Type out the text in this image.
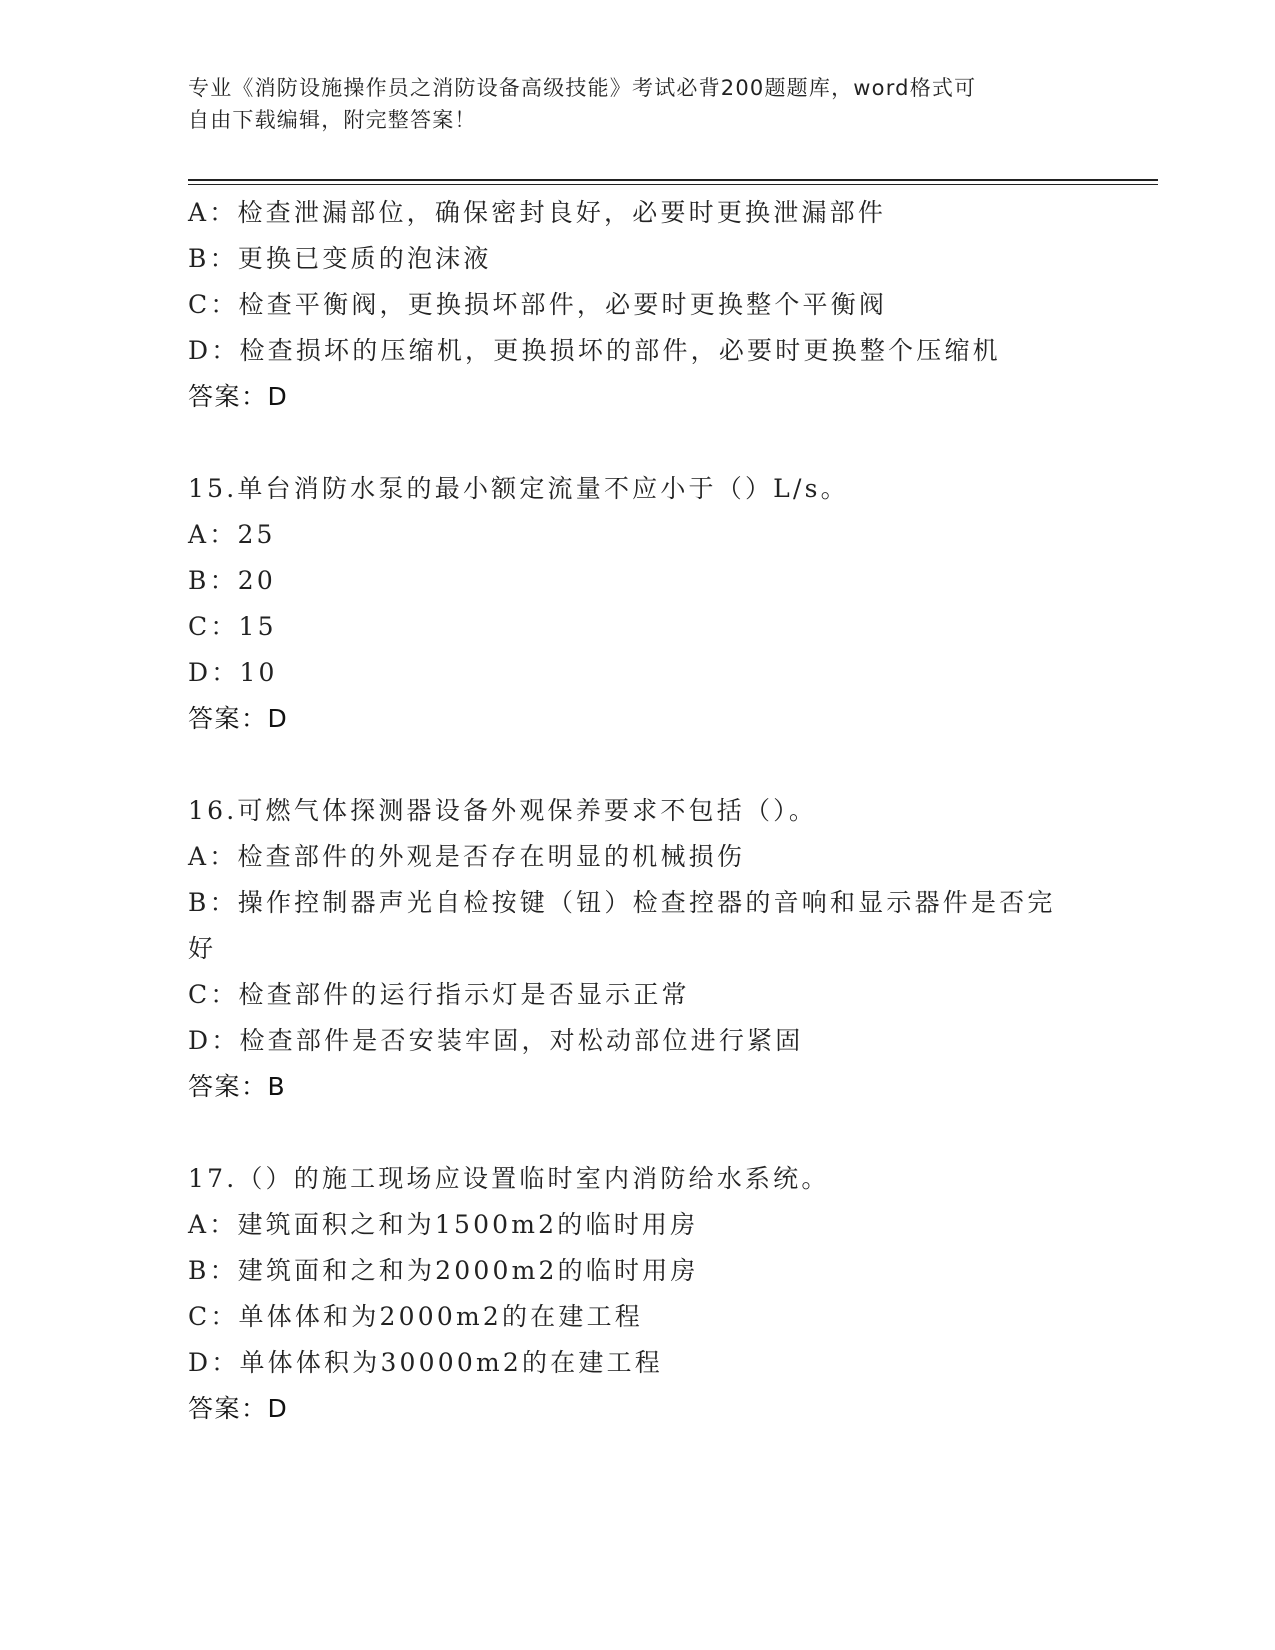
专业《消防设施操作员之消防设备高级技能》考试必背200题题库，word格式可
自由下载编辑，附完整答案！
A：检查泄漏部位，确保密封良好，必要时更换泄漏部件
B：更换已变质的泡沫液
C：检查平衡阀，更换损坏部件，必要时更换整个平衡阀
D：检查损坏的压缩机，更换损坏的部件，必要时更换整个压缩机
答案：D
15.单台消防水泵的最小额定流量不应小于（）L/s。
A：25
B：20
C：15
D：10
答案：D
16.可燃气体探测器设备外观保养要求不包括（）。
A：检查部件的外观是否存在明显的机械损伤
B：操作控制器声光自检按键（钮）检查控器的音响和显示器件是否完
好
C：检查部件的运行指示灯是否显示正常
D：检查部件是否安装牢固，对松动部位进行紧固
答案：B
17.（）的施工现场应设置临时室内消防给水系统。
A：建筑面积之和为1500m2的临时用房
B：建筑面和之和为2000m2的临时用房
C：单体体和为2000m2的在建工程
D：单体体积为30000m2的在建工程
答案：D
